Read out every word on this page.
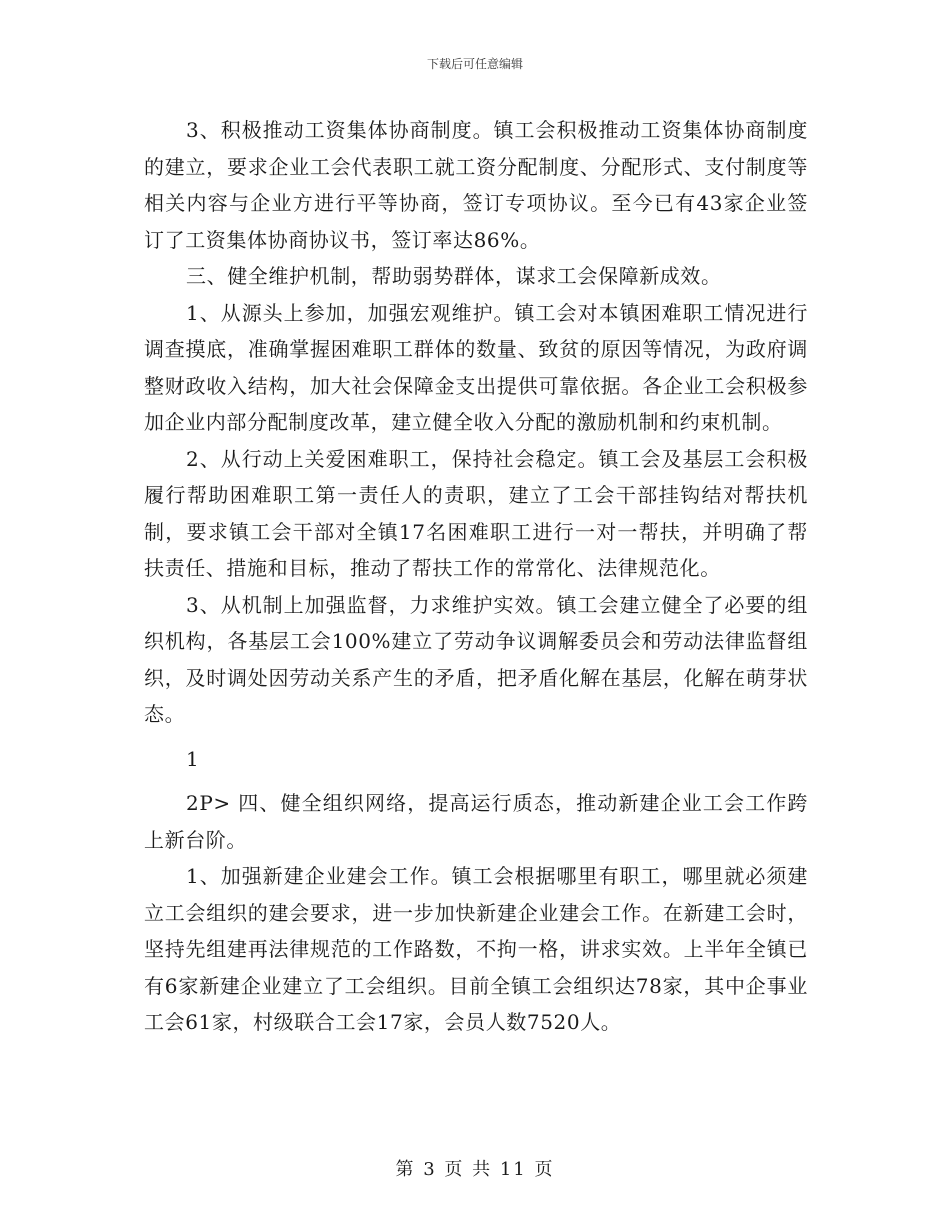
下载后可任意编辑

3、积极推动工资集体协商制度。镇工会积极推动工资集体协商制度的建立，要求企业工会代表职工就工资分配制度、分配形式、支付制度等相关内容与企业方进行平等协商，签订专项协议。至今已有43家企业签订了工资集体协商协议书，签订率达86%。

三、健全维护机制，帮助弱势群体，谋求工会保障新成效。

1、从源头上参加，加强宏观维护。镇工会对本镇困难职工情况进行调查摸底，准确掌握困难职工群体的数量、致贫的原因等情况，为政府调整财政收入结构，加大社会保障金支出提供可靠依据。各企业工会积极参加企业内部分配制度改革，建立健全收入分配的激励机制和约束机制。

2、从行动上关爱困难职工，保持社会稳定。镇工会及基层工会积极履行帮助困难职工第一责任人的责职，建立了工会干部挂钩结对帮扶机制，要求镇工会干部对全镇17名困难职工进行一对一帮扶，并明确了帮扶责任、措施和目标，推动了帮扶工作的常常化、法律规范化。

3、从机制上加强监督，力求维护实效。镇工会建立健全了必要的组织机构，各基层工会100%建立了劳动争议调解委员会和劳动法律监督组织，及时调处因劳动关系产生的矛盾，把矛盾化解在基层，化解在萌芽状态。

1

2P> 四、健全组织网络，提高运行质态，推动新建企业工会工作跨上新台阶。

1、加强新建企业建会工作。镇工会根据哪里有职工，哪里就必须建立工会组织的建会要求，进一步加快新建企业建会工作。在新建工会时，坚持先组建再法律规范的工作路数，不拘一格，讲求实效。上半年全镇已有6家新建企业建立了工会组织。目前全镇工会组织达78家，其中企事业工会61家，村级联合工会17家，会员人数7520人。

第 3 页 共 11 页
